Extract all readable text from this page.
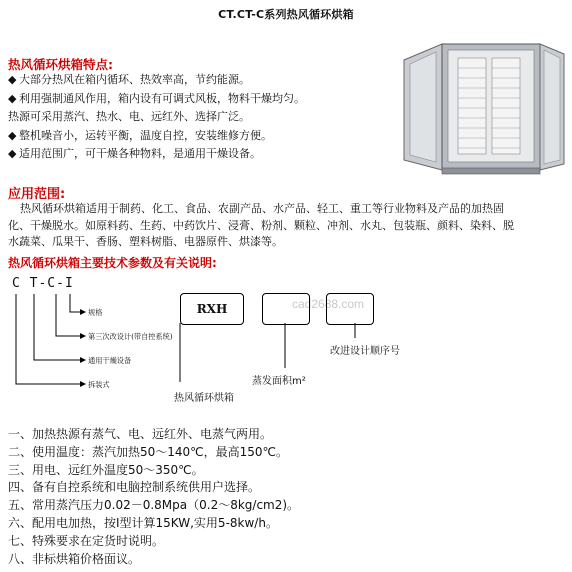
CT.CT-C系列热风循环烘箱
热风循环烘箱特点:
◆ 大部分热风在箱内循环、热效率高，节约能源。
◆ 利用强制通风作用，箱内设有可调式风板，物料干燥均匀。
热源可采用蒸汽、热水、电、远红外、选择广泛。
◆ 整机噪音小，运转平衡，温度自控，安装维修方便。
◆ 适用范围广，可干燥各种物料，是通用干燥设备。
应用范围:
热风循环烘箱适用于制药、化工、食品、农副产品、水产品、轻工、重工等行业物料及产品的加热固
化、干燥脱水。如原料药、生药、中药饮片、浸膏、粉剂、颗粒、冲剂、水丸、包装瓶、颜料、染料、脱
水蔬菜、瓜果干、香肠、塑料树脂、电器原件、烘漆等。
热风循环烘箱主要技术参数及有关说明:
C T-C-I
规格
第三次改设计(带自控系统)
通用干燥设备
拆装式
cad2688.com
RXH
改进设计顺序号
蒸发面积m²
热风循环烘箱
一、加热热源有蒸气、电、远红外、电蒸气两用。
二、使用温度：蒸汽加热50～140℃，最高150℃。
三、用电、远红外温度50～350℃。
四、备有自控系统和电脑控制系统供用户选择。
五、常用蒸汽压力0.02－0.8Mpa（0.2～8kg/cm2)。
六、配用电加热，按I型计算15KW,实用5-8kw/h。
七、特殊要求在定货时说明。
八、非标烘箱价格面议。
